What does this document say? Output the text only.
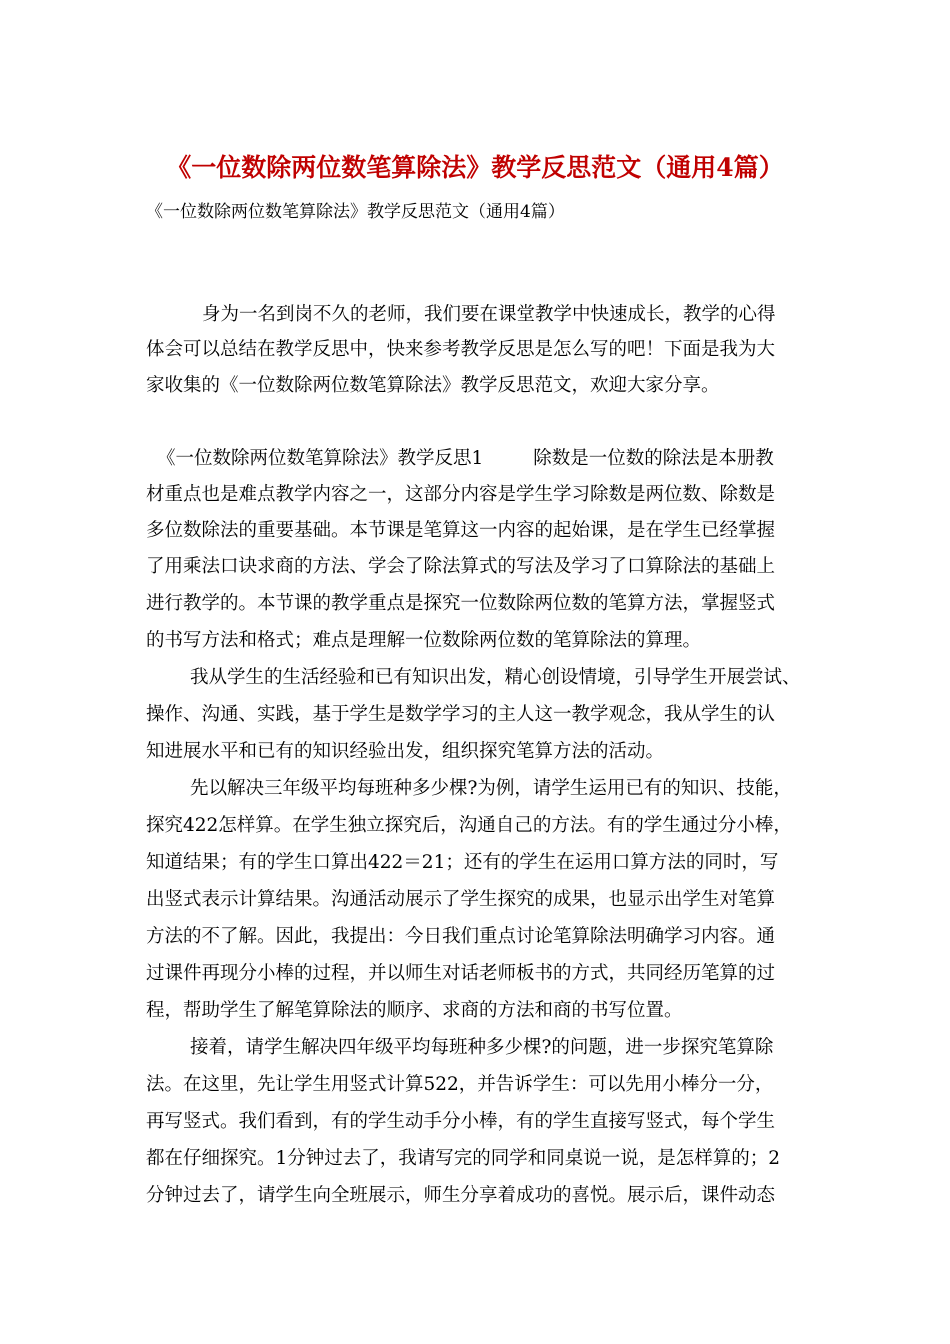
《一位数除两位数笔算除法》教学反思范文（通用4篇）
《一位数除两位数笔算除法》教学反思范文（通用4篇）
身为一名到岗不久的老师，我们要在课堂教学中快速成长，教学的心得
体会可以总结在教学反思中，快来参考教学反思是怎么写的吧！下面是我为大
家收集的《一位数除两位数笔算除法》教学反思范文，欢迎大家分享。
《一位数除两位数笔算除法》教学反思1	除数是一位数的除法是本册教
材重点也是难点教学内容之一，这部分内容是学生学习除数是两位数、除数是
多位数除法的重要基础。本节课是笔算这一内容的起始课，是在学生已经掌握
了用乘法口诀求商的方法、学会了除法算式的写法及学习了口算除法的基础上
进行教学的。本节课的教学重点是探究一位数除两位数的笔算方法，掌握竖式
的书写方法和格式；难点是理解一位数除两位数的笔算除法的算理。
我从学生的生活经验和已有知识出发，精心创设情境，引导学生开展尝试、
操作、沟通、实践，基于学生是数学学习的主人这一教学观念，我从学生的认
知进展水平和已有的知识经验出发，组织探究笔算方法的活动。
先以解决三年级平均每班种多少棵?为例，请学生运用已有的知识、技能，
探究422怎样算。在学生独立探究后，沟通自己的方法。有的学生通过分小棒，
知道结果；有的学生口算出422＝21；还有的学生在运用口算方法的同时，写
出竖式表示计算结果。沟通活动展示了学生探究的成果，也显示出学生对笔算
方法的不了解。因此，我提出：今日我们重点讨论笔算除法明确学习内容。通
过课件再现分小棒的过程，并以师生对话老师板书的方式，共同经历笔算的过
程，帮助学生了解笔算除法的顺序、求商的方法和商的书写位置。
接着，请学生解决四年级平均每班种多少棵?的问题，进一步探究笔算除
法。在这里，先让学生用竖式计算522，并告诉学生：可以先用小棒分一分，
再写竖式。我们看到，有的学生动手分小棒，有的学生直接写竖式，每个学生
都在仔细探究。1分钟过去了，我请写完的同学和同桌说一说，是怎样算的；2
分钟过去了，请学生向全班展示，师生分享着成功的喜悦。展示后，课件动态
